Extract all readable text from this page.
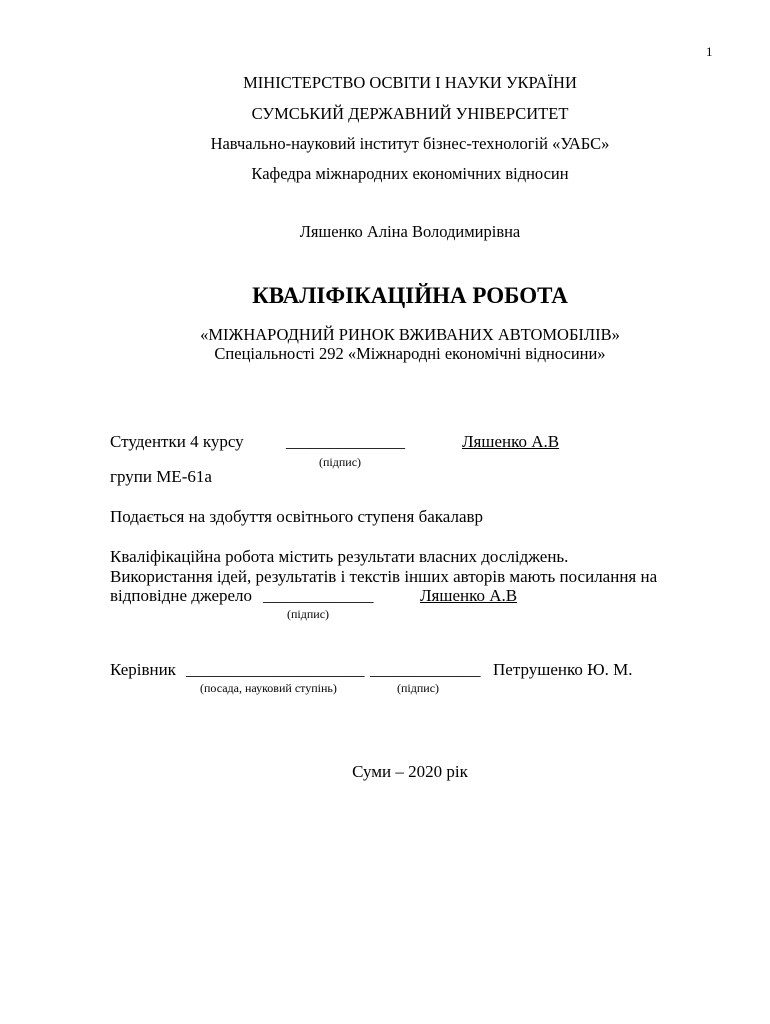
1
МІНІСТЕРСТВО ОСВІТИ І НАУКИ УКРАЇНИ
СУМСЬКИЙ ДЕРЖАВНИЙ УНІВЕРСИТЕТ
Навчально-науковий інститут бізнес-технологій «УАБС»
Кафедра міжнародних економічних відносин
Ляшенко Аліна Володимирівна
КВАЛІФІКАЦІЙНА РОБОТА
«МІЖНАРОДНИЙ РИНОК ВЖИВАНИХ АВТОМОБІЛІВ»
Спеціальності 292 «Міжнародні економічні відносини»
Студентки 4 курсу ______________	Ляшенко А.В
(підпис)
групи МЕ-61а
Подається на здобуття освітнього ступеня бакалавр
Кваліфікаційна робота містить результати власних досліджень.
Використання ідей, результатів і текстів інших авторів мають посилання на
відповідне джерело _____________	Ляшенко А.В
(підпис)
Керівник _____________________ _____________ Петрушенко Ю. М.
(посада, науковий ступінь)	(підпис)
Суми – 2020 рік
